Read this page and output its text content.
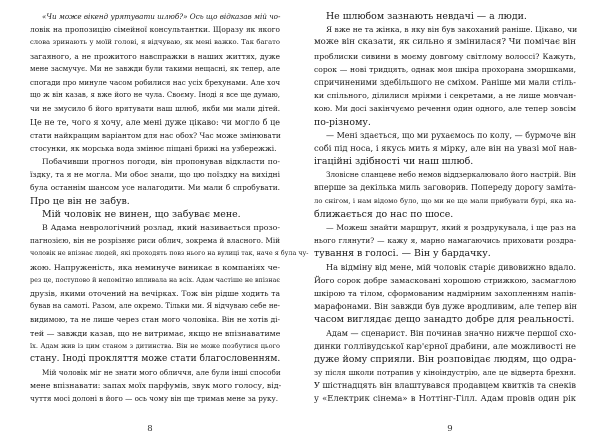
«Чи може вікенд урятувати шлюб?» Ось що відказав мій чо-
ловік на пропозицію сімейної консультантки. Щоразу як якого
слова зринають у моїй голові, я відчуваю, як мені важко. Так багато
загаяного, а не прожитого навспражки в наших життях, дуже
мене засмучує. Ми не завжди були такими нещасні, як тепер, але
спогади про минуле часом робилися нас усіх брехунами. Але хоч
що ж він казав, я вже його не чула. Своєму. Іноді я все ще думаю,
чи не змусило б його врятувати наш шлюб, якби ми мали дітей.
Це не те, чого я хочу, але мені дуже цікаво: чи могло б це
стати найкращим варіантом для нас обох? Час може змінювати
стосунки, як морська вода змінює піщані брижі на узбережжі.
Побачивши прогноз погоди, він пропонував відкласти по-
їздку, та я не могла. Ми обоє знали, що цю поїздку на вихідні
була останнім шансом усе налагодити. Ми мали б спробувати.
Про це він не забув.
Мій чоловік не винен, що забуває мене.
В Адама неврологічний розлад, який називається прозо-
пагнозією, він не розрізняє риси облич, зокрема й власного. Мій
чоловік не впізнає людей, які проходять повз нього на вулиці так, наче я була чу-
жою. Напруженість, яка неминуче виникає в компаніях че-
рез це, поступово й непомітно впливала на всіх. Адам частіше не впізнає
друзів, якими оточений на вечірках. Тож він рідше ходить та
бував на самоті. Разом, але окремо. Тільки ми. Я відчуваю себе не-
видимою, та не лише через стан мого чоловіка. Він не хотів ді-
тей — завжди казав, що не витримає, якщо не впізнаватиме
їх. Адам жив із цим станом з дитинства. Він не може позбутися цього
стану. Іноді прокляття може стати благословенням.
Мій чоловік міг не знати мого обличчя, але були інші способи
мене впізнавати: запах моїх парфумів, звук мого голосу, від-
чуття мосі долоні в його — ось чому він ще тримав мене за руку.
8
Не шлюбом зазнають невдачі — а люди.
Я вже не та жінка, в яку він був закоханий раніше. Цікаво, чи
може він сказати, як сильно я змінилася? Чи помічає він
проблиски сивини в моєму довгому світлому волоссі? Кажуть,
сорок — нові тридцять, однак моя шкіра прохорана зморшками,
спричиненими здебільшого не сміхом. Раніше ми мали стіль-
ки спільного, ділилися мріями і секретами, а не лише мовчан-
кою. Ми досі закінчуємо речення один одного, але тепер зовсім
по-різному.
— Мені здається, що ми рухаємось по колу, — бурмоче він
собі під носа, і якусь мить я мірку, але він на увазі мої нав-
ігаційні здібності чи наш шлюб.
Зловісне сланцеве небо немов віддзеркалювало його настрій. Він
вперше за декілька миль заговорив. Попереду дорогу заміта-
ло снігом, і нам відомо було, що ми не ще мали прибувати бурі, яка на-
ближається до нас по шосе.
— Можеш знайти маршрут, який я роздрукувала, і ще раз на
нього глянути? — кажу я, марно намагаючись приховати роздра-
тування в голосі. — Він у бардачку.
На відміну від мене, мій чоловік старіє дивовижно вдало.
Його сорок добре замасковані хорошою стрижкою, засмаглою
шкірою та тілом, сформованим надмірним захопленням напів-
марафонами. Він завжди був дуже вродливим, але тепер він
часом виглядає дещо занадто добре для реальності.
Адам — сценарист. Він починав значно нижче першої схо-
динки голлівудської кар'єрної драбини, але можливості не
дуже йому сприяли. Він розповідає людям, що одра-
зу після школи потрапив у кіноіндустрію, але це відверта брехня.
У шістнадцять він влаштувався продавцем квитків та снеків
у «Електрик сінема» в Ноттінг-Гілл. Адам провів один рік
9
